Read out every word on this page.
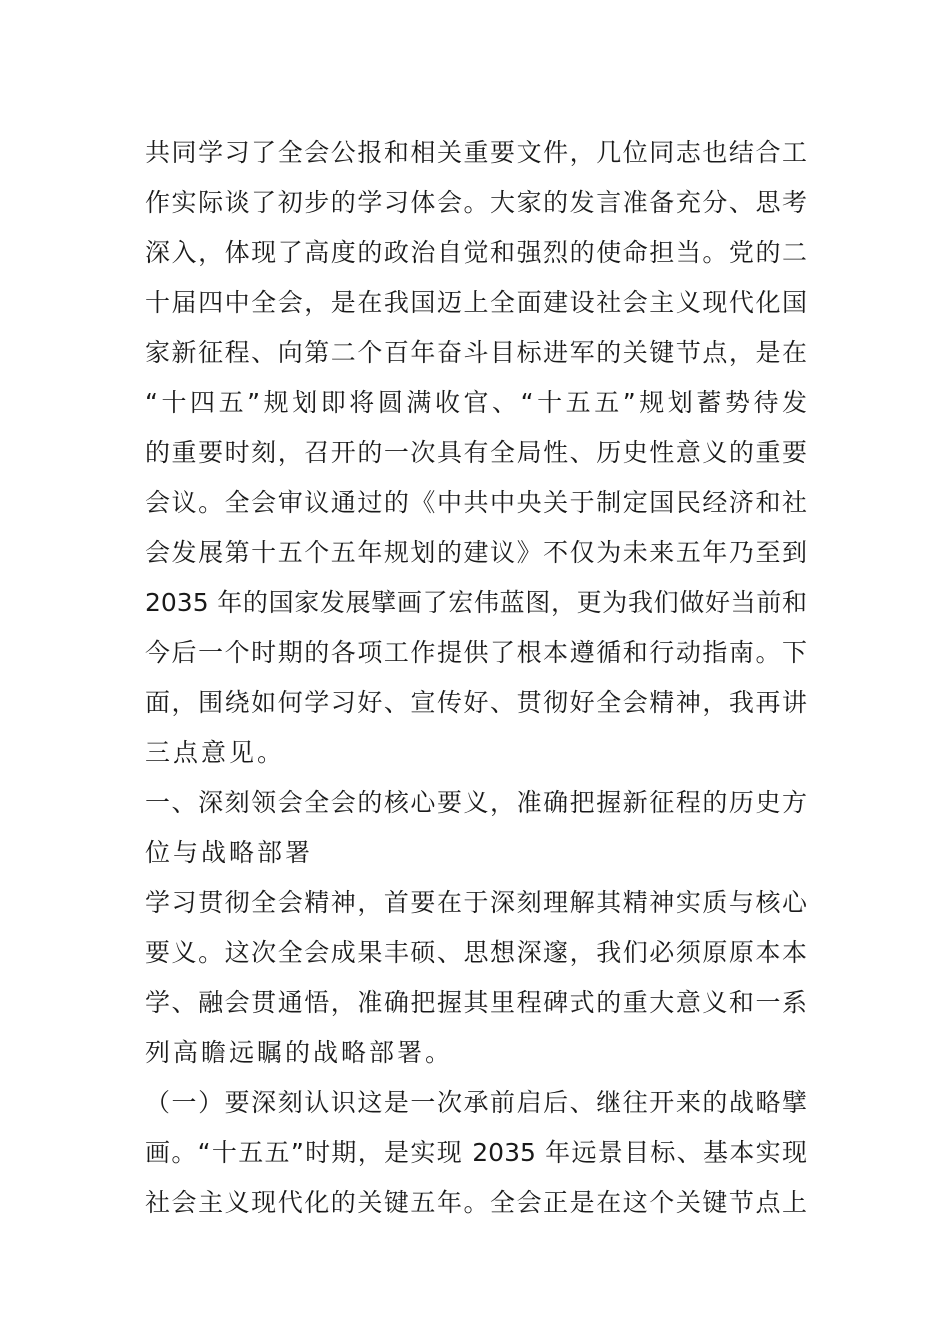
共同学习了全会公报和相关重要文件，几位同志也结合工
作实际谈了初步的学习体会。大家的发言准备充分、思考
深入，体现了高度的政治自觉和强烈的使命担当。党的二
十届四中全会，是在我国迈上全面建设社会主义现代化国
家新征程、向第二个百年奋斗目标进军的关键节点，是在
“十四五”规划即将圆满收官、“十五五”规划蓄势待发
的重要时刻，召开的一次具有全局性、历史性意义的重要
会议。全会审议通过的《中共中央关于制定国民经济和社
会发展第十五个五年规划的建议》不仅为未来五年乃至到
2035 年的国家发展擘画了宏伟蓝图，更为我们做好当前和
今后一个时期的各项工作提供了根本遵循和行动指南。下
面，围绕如何学习好、宣传好、贯彻好全会精神，我再讲
三点意见。
一、深刻领会全会的核心要义，准确把握新征程的历史方
位与战略部署
学习贯彻全会精神，首要在于深刻理解其精神实质与核心
要义。这次全会成果丰硕、思想深邃，我们必须原原本本
学、融会贯通悟，准确把握其里程碑式的重大意义和一系
列高瞻远瞩的战略部署。
（一）要深刻认识这是一次承前启后、继往开来的战略擘
画。“十五五”时期，是实现 2035 年远景目标、基本实现
社会主义现代化的关键五年。全会正是在这个关键节点上
